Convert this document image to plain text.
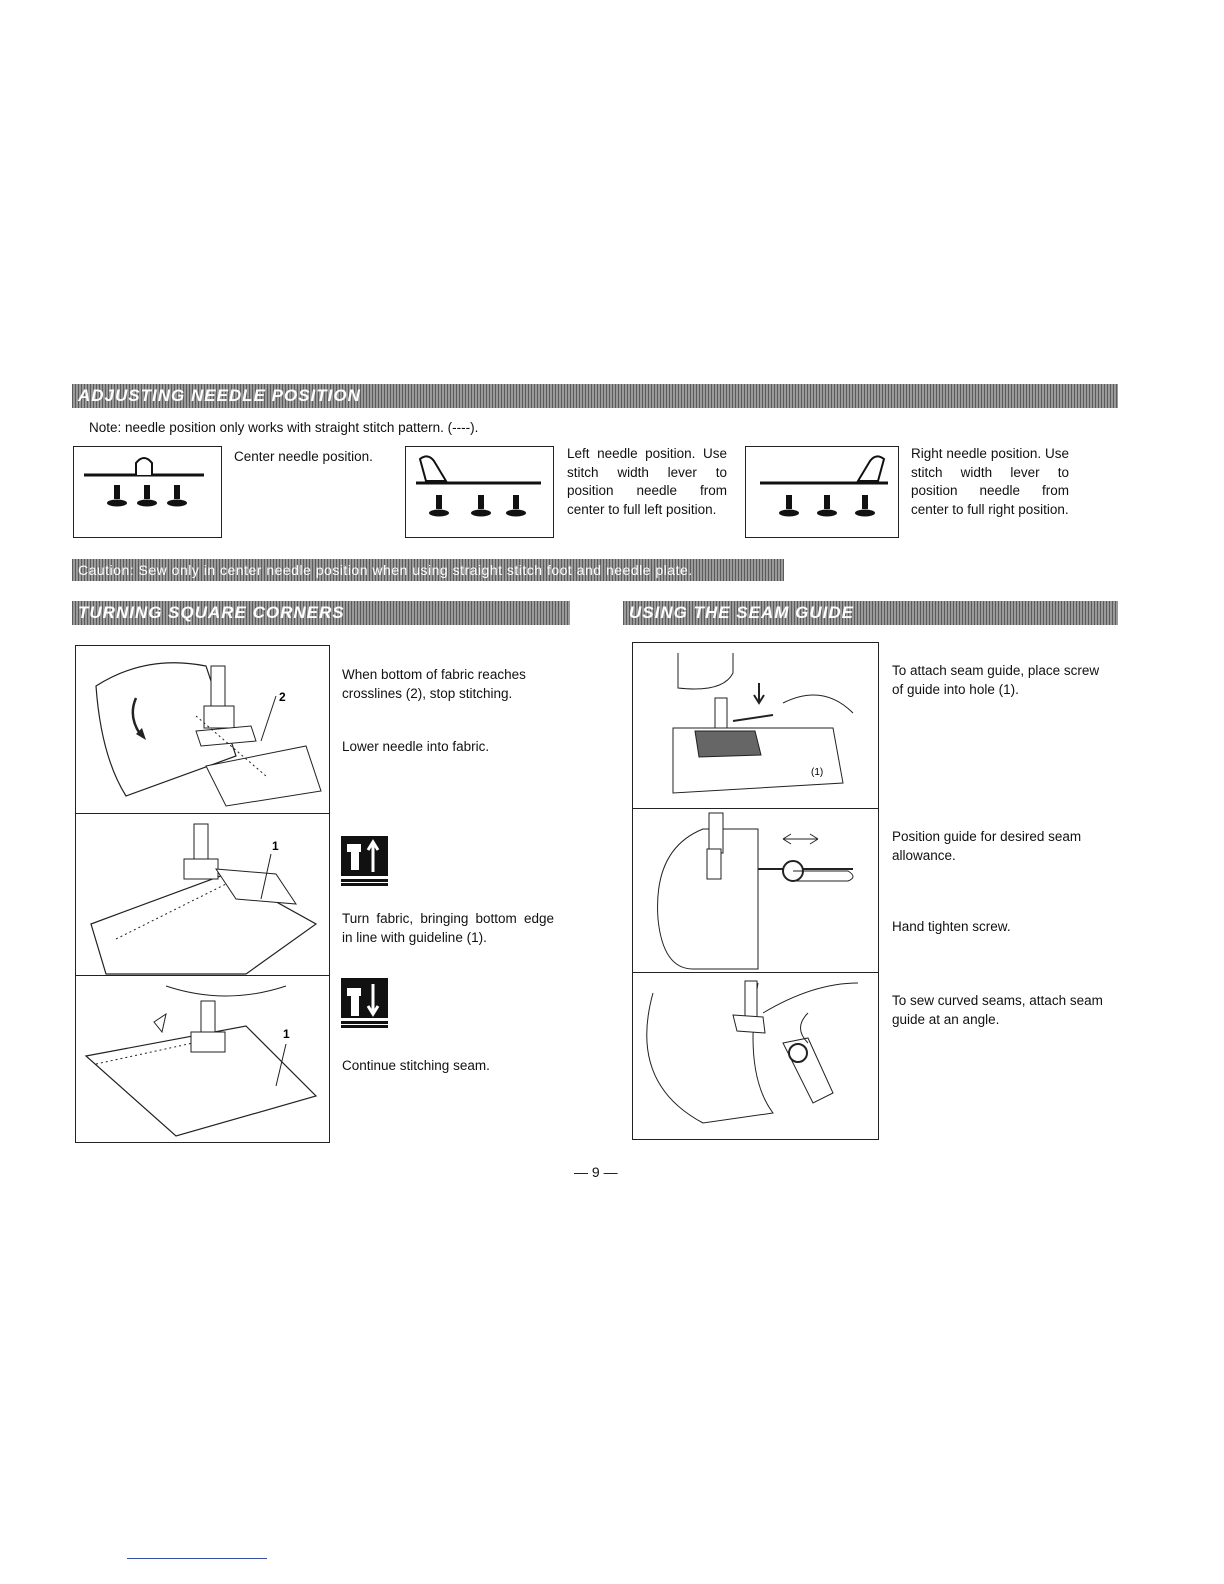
ADJUSTING NEEDLE POSITION
Note: needle position only works with straight stitch pattern. (----).
Center needle position.	Left needle position. Use stitch width lever to position needle from center to full left position.
Right needle position. Use stitch width lever to position needle from center to full right position.
Caution: Sew only in center needle position when using straight stitch foot and needle plate.
TURNING SQUARE CORNERS
2
1
1
When bottom of fabric reaches crosslines (2), stop stitching.
Lower needle into fabric.
Turn fabric, bringing bottom edge in line with guideline (1).
Continue stitching seam.
USING THE SEAM GUIDE
(1)
To attach seam guide, place screw of guide into hole (1).
Position guide for desired seam allowance.
Hand tighten screw.
To sew curved seams, attach seam guide at an angle.
— 9 —
